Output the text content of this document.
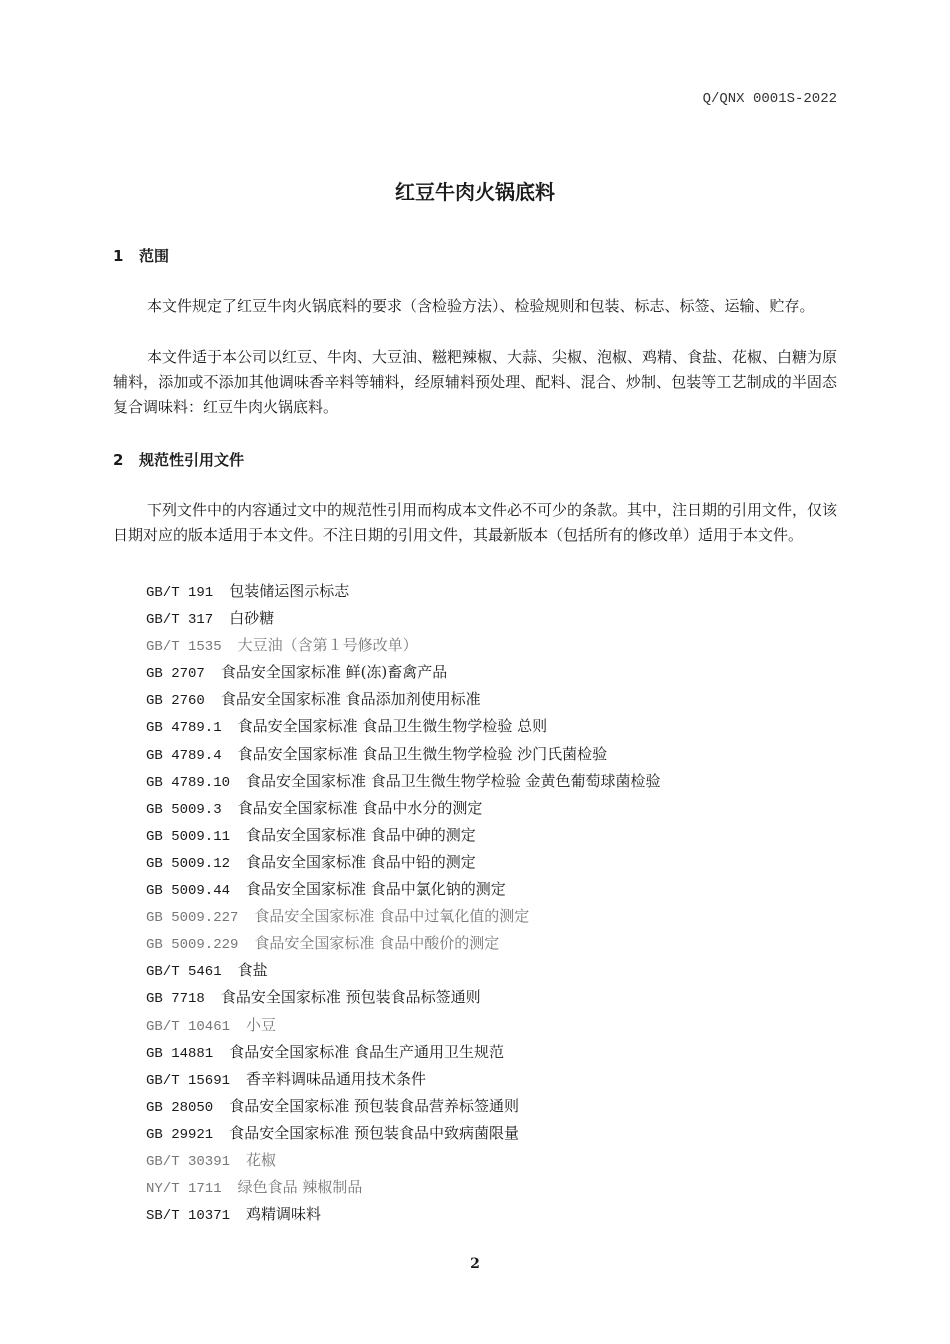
Q/QNX 0001S-2022
红豆牛肉火锅底料
1 范围

本文件规定了红豆牛肉火锅底料的要求（含检验方法）、检验规则和包装、标志、标签、运输、贮存。

本文件适于本公司以红豆、牛肉、大豆油、糍粑辣椒、大蒜、尖椒、泡椒、鸡精、食盐、花椒、白糖为原辅料，添加或不添加其他调味香辛料等辅料，经原辅料预处理、配料、混合、炒制、包装等工艺制成的半固态复合调味料：红豆牛肉火锅底料。

2 规范性引用文件

下列文件中的内容通过文中的规范性引用而构成本文件必不可少的条款。其中，注日期的引用文件，仅该日期对应的版本适用于本文件。不注日期的引用文件，其最新版本（包括所有的修改单）适用于本文件。

GB/T 191 包装储运图示标志
GB/T 317 白砂糖
GB/T 1535 大豆油（含第１号修改单）
GB 2707 食品安全国家标准 鲜(冻)畜禽产品
GB 2760 食品安全国家标准 食品添加剂使用标准
GB 4789.1 食品安全国家标准 食品卫生微生物学检验 总则
GB 4789.4 食品安全国家标准 食品卫生微生物学检验 沙门氏菌检验
GB 4789.10 食品安全国家标准 食品卫生微生物学检验 金黄色葡萄球菌检验
GB 5009.3 食品安全国家标准 食品中水分的测定
GB 5009.11 食品安全国家标准 食品中砷的测定
GB 5009.12 食品安全国家标准 食品中铅的测定
GB 5009.44 食品安全国家标准 食品中氯化钠的测定
GB 5009.227 食品安全国家标准 食品中过氧化值的测定
GB 5009.229 食品安全国家标准 食品中酸价的测定
GB/T 5461 食盐
GB 7718 食品安全国家标准 预包装食品标签通则
GB/T 10461 小豆
GB 14881 食品安全国家标准 食品生产通用卫生规范
GB/T 15691 香辛料调味品通用技术条件
GB 28050 食品安全国家标准 预包装食品营养标签通则
GB 29921 食品安全国家标准 预包装食品中致病菌限量
GB/T 30391 花椒
NY/T 1711 绿色食品 辣椒制品
SB/T 10371 鸡精调味料
2
